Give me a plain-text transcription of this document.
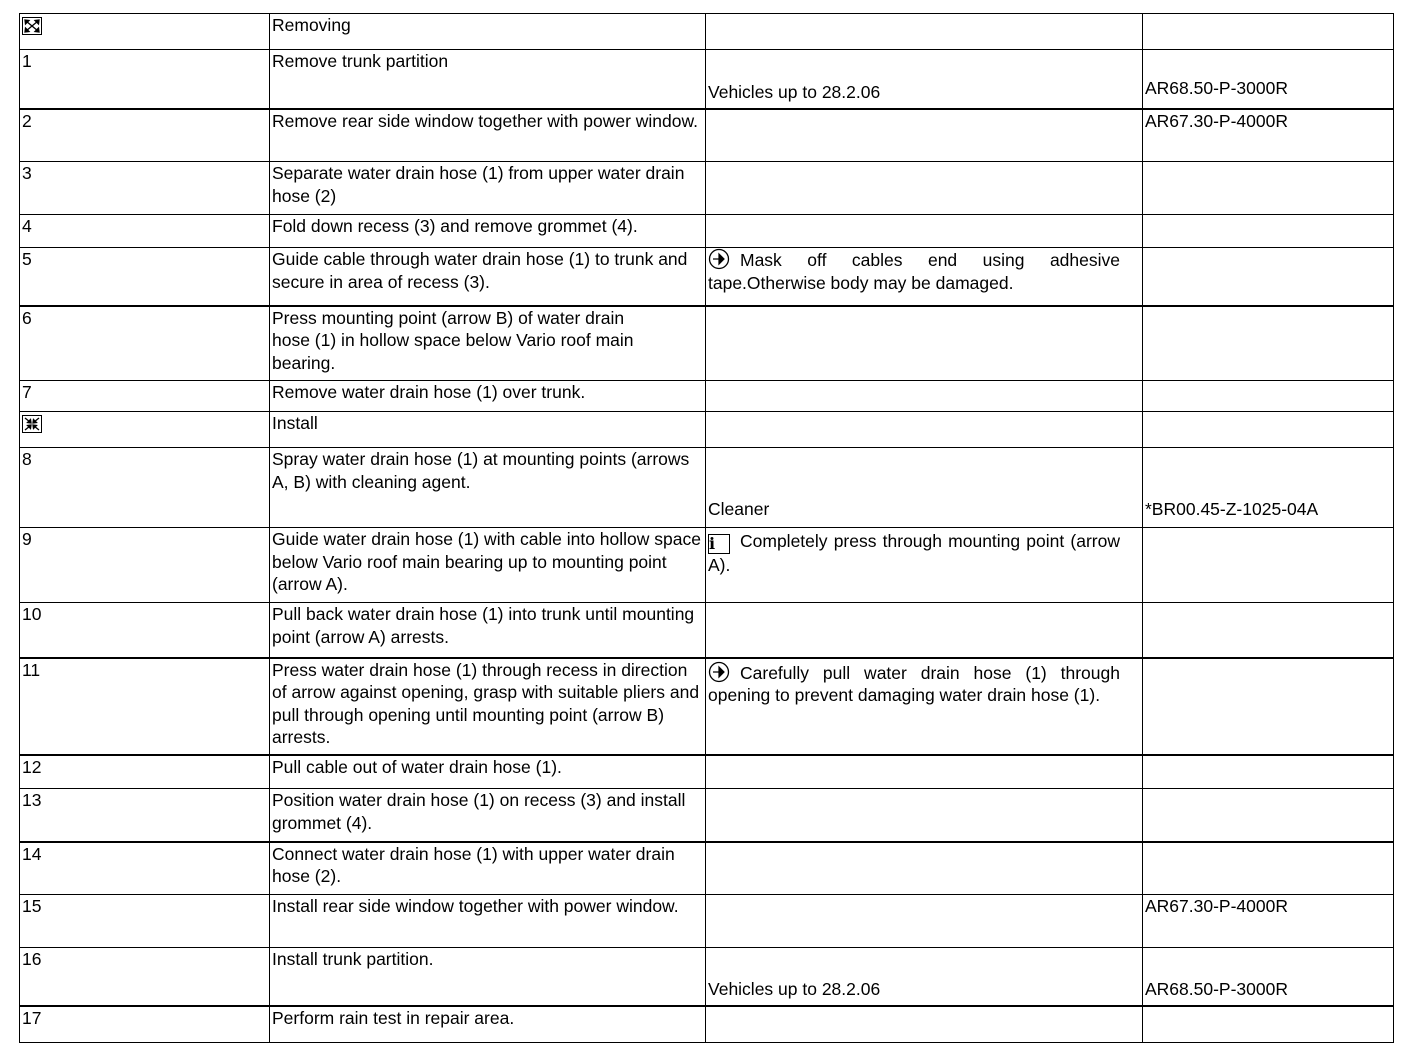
	Removing		
1	Remove trunk partition	Vehicles up to 28.2.06	AR68.50-P-3000R
2	Remove rear side window together with power window.		AR67.30-P-4000R
3	Separate water drain hose (1) from upper water drain hose (2)		
4	Fold down recess (3) and remove grommet (4).		
5	Guide cable through water drain hose (1) to trunk and secure in area of recess (3).	Mask off cables end using adhesive tape.Otherwise body may be damaged.	
6	Press mounting point (arrow B) of water drain hose (1) in hollow space below Vario roof main bearing.		
7	Remove water drain hose (1) over trunk.		

	Install		
8	Spray water drain hose (1) at mounting points (arrows A, B) with cleaning agent.	Cleaner	*BR00.45-Z-1025-04A
9	Guide water drain hose (1) with cable into hollow space below Vario roof main bearing up to mounting point (arrow A).	i Completely press through mounting point (arrow A).	
10	Pull back water drain hose (1) into trunk until mounting point (arrow A) arrests.		
11	Press water drain hose (1) through recess in direction of arrow against opening, grasp with suitable pliers and pull through opening until mounting point (arrow B) arrests.	Carefully pull water drain hose (1) through opening to prevent damaging water drain hose (1).	
12	Pull cable out of water drain hose (1).		
13	Position water drain hose (1) on recess (3) and install grommet (4).		
14	Connect water drain hose (1) with upper water drain hose (2).		
15	Install rear side window together with power window.		AR67.30-P-4000R
16	Install trunk partition.	Vehicles up to 28.2.06	AR68.50-P-3000R
17	Perform rain test in repair area.		
